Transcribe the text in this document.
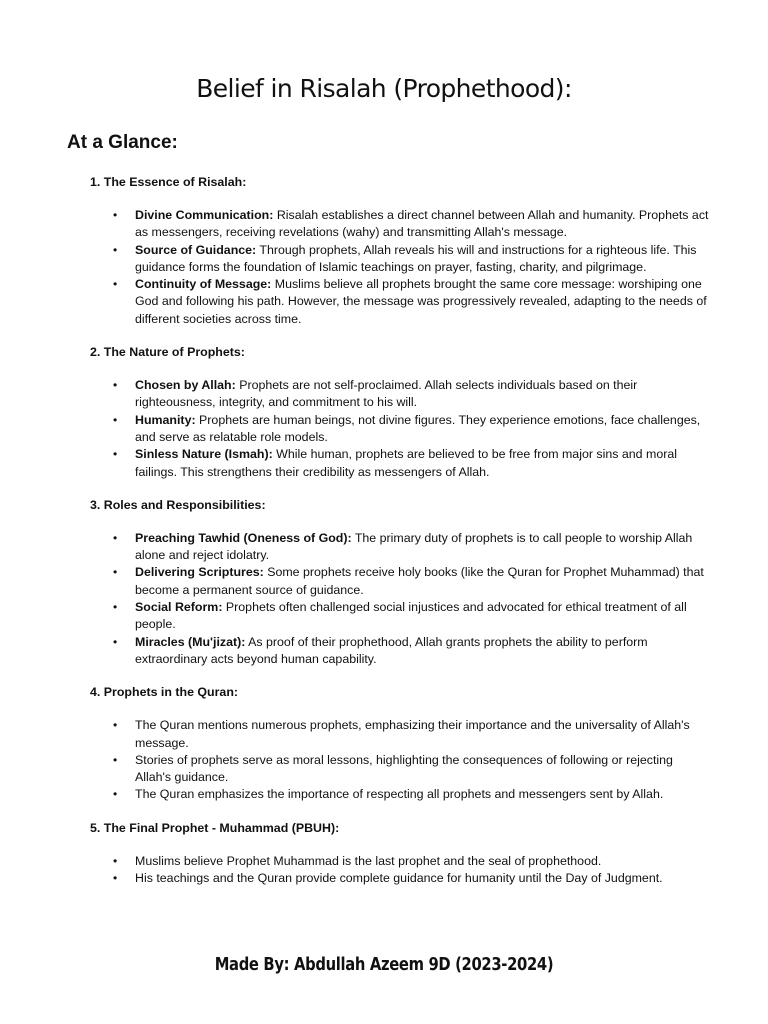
Belief in Risalah (Prophethood):
At a Glance:
1. The Essence of Risalah:
• Divine Communication: Risalah establishes a direct channel between Allah and humanity. Prophets act as messengers, receiving revelations (wahy) and transmitting Allah's message.
• Source of Guidance: Through prophets, Allah reveals his will and instructions for a righteous life. This guidance forms the foundation of Islamic teachings on prayer, fasting, charity, and pilgrimage.
• Continuity of Message: Muslims believe all prophets brought the same core message: worshiping one God and following his path. However, the message was progressively revealed, adapting to the needs of different societies across time.
2. The Nature of Prophets:
• Chosen by Allah: Prophets are not self-proclaimed. Allah selects individuals based on their righteousness, integrity, and commitment to his will.
• Humanity: Prophets are human beings, not divine figures. They experience emotions, face challenges, and serve as relatable role models.
• Sinless Nature (Ismah): While human, prophets are believed to be free from major sins and moral failings. This strengthens their credibility as messengers of Allah.
3. Roles and Responsibilities:
• Preaching Tawhid (Oneness of God): The primary duty of prophets is to call people to worship Allah alone and reject idolatry.
• Delivering Scriptures: Some prophets receive holy books (like the Quran for Prophet Muhammad) that become a permanent source of guidance.
• Social Reform: Prophets often challenged social injustices and advocated for ethical treatment of all people.
• Miracles (Mu'jizat): As proof of their prophethood, Allah grants prophets the ability to perform extraordinary acts beyond human capability.
4. Prophets in the Quran:
• The Quran mentions numerous prophets, emphasizing their importance and the universality of Allah's message.
• Stories of prophets serve as moral lessons, highlighting the consequences of following or rejecting Allah's guidance.
• The Quran emphasizes the importance of respecting all prophets and messengers sent by Allah.
5. The Final Prophet - Muhammad (PBUH):
• Muslims believe Prophet Muhammad is the last prophet and the seal of prophethood.
• His teachings and the Quran provide complete guidance for humanity until the Day of Judgment.
Made By: Abdullah Azeem 9D (2023-2024)
